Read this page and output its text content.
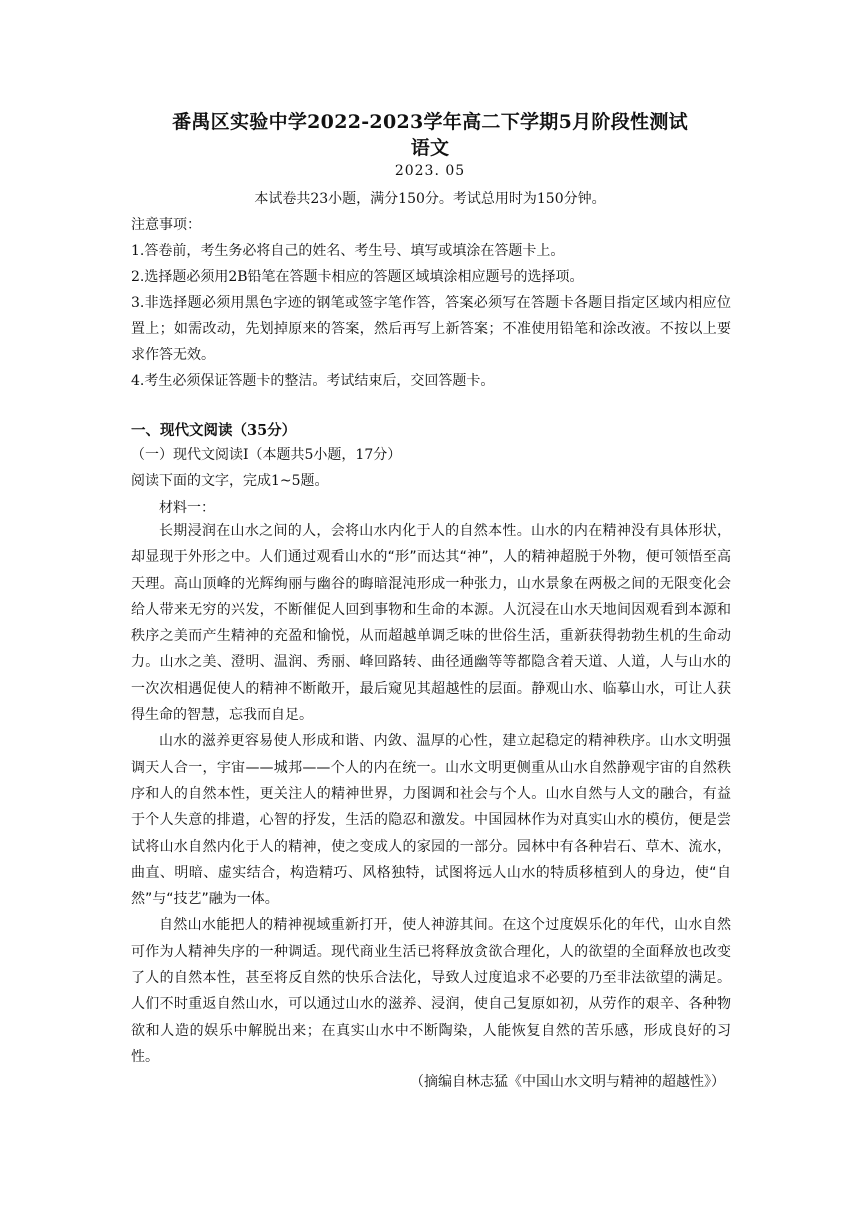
番禺区实验中学2022-2023学年高二下学期5月阶段性测试
语文
2023. 05
本试卷共23小题，满分150分。考试总用时为150分钟。
注意事项：
1.答卷前，考生务必将自己的姓名、考生号、填写或填涂在答题卡上。
2.选择题必须用2B铅笔在答题卡相应的答题区域填涂相应题号的选择项。
3.非选择题必须用黑色字迹的钢笔或签字笔作答，答案必须写在答题卡各题目指定区域内相应位置上；如需改动，先划掉原来的答案，然后再写上新答案；不准使用铅笔和涂改液。不按以上要求作答无效。
4.考生必须保证答题卡的整洁。考试结束后，交回答题卡。
一、现代文阅读（35分）
（一）现代文阅读Ⅰ（本题共5小题，17分）
阅读下面的文字，完成1~5题。
材料一：

长期浸润在山水之间的人，会将山水内化于人的自然本性。山水的内在精神没有具体形状，却显现于外形之中。人们通过观看山水的“形”而达其“神”，人的精神超脱于外物，便可领悟至高天理。高山顶峰的光辉绚丽与幽谷的晦暗混沌形成一种张力，山水景象在两极之间的无限变化会给人带来无穷的兴发，不断催促人回到事物和生命的本源。人沉浸在山水天地间因观看到本源和秩序之美而产生精神的充盈和愉悦，从而超越单调乏味的世俗生活，重新获得勃勃生机的生命动力。山水之美、澄明、温润、秀丽、峰回路转、曲径通幽等等都隐含着天道、人道，人与山水的一次次相遇促使人的精神不断敞开，最后窥见其超越性的层面。静观山水、临摹山水，可让人获得生命的智慧，忘我而自足。

山水的滋养更容易使人形成和谐、内敛、温厚的心性，建立起稳定的精神秩序。山水文明强调天人合一，宇宙——城邦——个人的内在统一。山水文明更侧重从山水自然静观宇宙的自然秩序和人的自然本性，更关注人的精神世界，力图调和社会与个人。山水自然与人文的融合，有益于个人失意的排遣，心智的抒发，生活的隐忍和激发。中国园林作为对真实山水的模仿，便是尝试将山水自然内化于人的精神，使之变成人的家园的一部分。园林中有各种岩石、草木、流水，曲直、明暗、虚实结合，构造精巧、风格独特，试图将远人山水的特质移植到人的身边，使“自然”与“技艺”融为一体。

自然山水能把人的精神视域重新打开，使人神游其间。在这个过度娱乐化的年代，山水自然可作为人精神失序的一种调适。现代商业生活已将释放贪欲合理化，人的欲望的全面释放也改变了人的自然本性，甚至将反自然的快乐合法化，导致人过度追求不必要的乃至非法欲望的满足。人们不时重返自然山水，可以通过山水的滋养、浸润，使自己复原如初，从劳作的艰辛、各种物欲和人造的娱乐中解脱出来；在真实山水中不断陶染，人能恢复自然的苦乐感，形成良好的习性。

（摘编自林志猛《中国山水文明与精神的超越性》）
